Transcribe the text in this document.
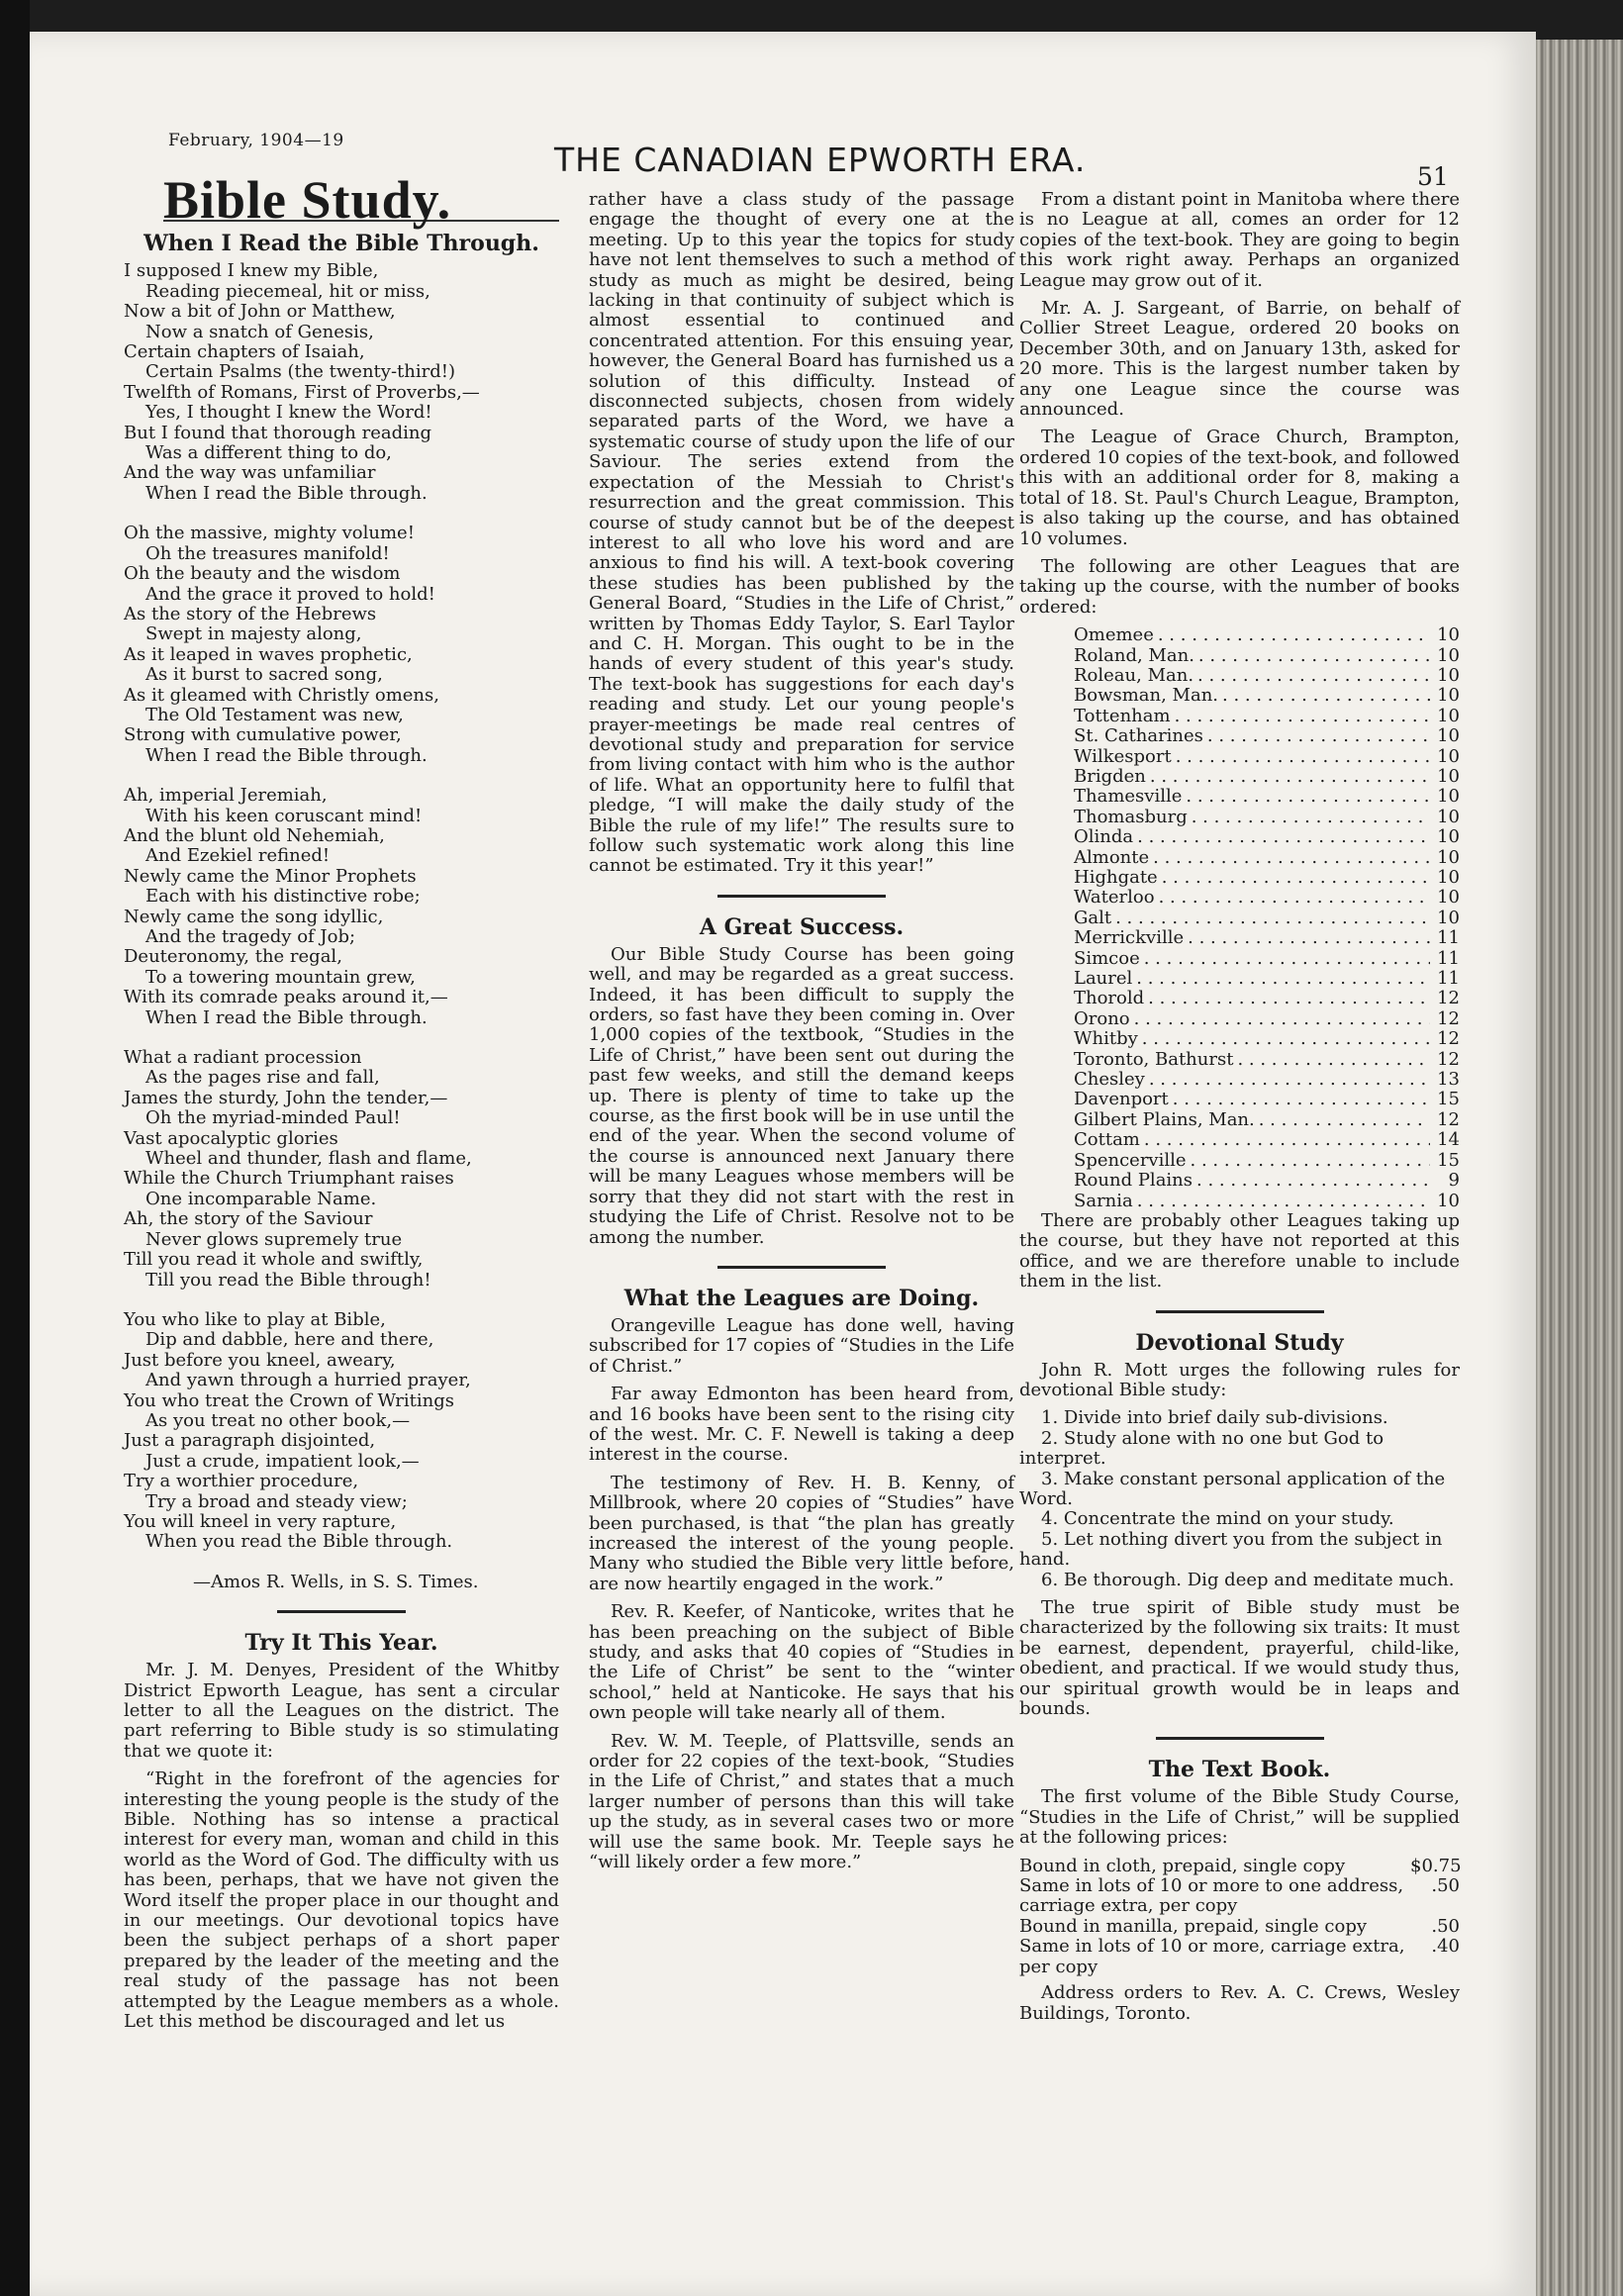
February, 1904—19	THE CANADIAN EPWORTH ERA.	51
Bible Study.
When I Read the Bible Through.
I supposed I knew my Bible,
Reading piecemeal, hit or miss,
Now a bit of John or Matthew,
Now a snatch of Genesis,
Certain chapters of Isaiah,
Certain Psalms (the twenty-third!)
Twelfth of Romans, First of Proverbs,—
Yes, I thought I knew the Word!
But I found that thorough reading
Was a different thing to do,
And the way was unfamiliar
When I read the Bible through.
Oh the massive, mighty volume!
Oh the treasures manifold!
Oh the beauty and the wisdom
And the grace it proved to hold!
As the story of the Hebrews
Swept in majesty along,
As it leaped in waves prophetic,
As it burst to sacred song,
As it gleamed with Christly omens,
The Old Testament was new,
Strong with cumulative power,
When I read the Bible through.
Ah, imperial Jeremiah,
With his keen coruscant mind!
And the blunt old Nehemiah,
And Ezekiel refined!
Newly came the Minor Prophets
Each with his distinctive robe;
Newly came the song idyllic,
And the tragedy of Job;
Deuteronomy, the regal,
To a towering mountain grew,
With its comrade peaks around it,—
When I read the Bible through.
What a radiant procession
As the pages rise and fall,
James the sturdy, John the tender,—
Oh the myriad-minded Paul!
Vast apocalyptic glories
Wheel and thunder, flash and flame,
While the Church Triumphant raises
One incomparable Name.
Ah, the story of the Saviour
Never glows supremely true
Till you read it whole and swiftly,
Till you read the Bible through!
You who like to play at Bible,
Dip and dabble, here and there,
Just before you kneel, aweary,
And yawn through a hurried prayer,
You who treat the Crown of Writings
As you treat no other book,—
Just a paragraph disjointed,
Just a crude, impatient look,—
Try a worthier procedure,
Try a broad and steady view;
You will kneel in very rapture,
When you read the Bible through.
—Amos R. Wells, in S. S. Times.
Try It This Year.
Mr. J. M. Denyes, President of the Whitby District Epworth League, has sent a circular letter to all the Leagues on the district. The part referring to Bible study is so stimulating that we quote it:
“Right in the forefront of the agencies for interesting the young people is the study of the Bible. Nothing has so intense a practical interest for every man, woman and child in this world as the Word of God. The difficulty with us has been, perhaps, that we have not given the Word itself the proper place in our thought and in our meetings. Our devotional topics have been the subject perhaps of a short paper prepared by the leader of the meeting and the real study of the passage has not been attempted by the League members as a whole. Let this method be discouraged and let us
rather have a class study of the passage engage the thought of every one at the meeting. Up to this year the topics for study have not lent themselves to such a method of study as much as might be desired, being lacking in that continuity of subject which is almost essential to continued and concentrated attention. For this ensuing year, however, the General Board has furnished us a solution of this difficulty. Instead of disconnected subjects, chosen from widely separated parts of the Word, we have a systematic course of study upon the life of our Saviour. The series extend from the expectation of the Messiah to Christ's resurrection and the great commission. This course of study cannot but be of the deepest interest to all who love his word and are anxious to find his will. A text-book covering these studies has been published by the General Board, “Studies in the Life of Christ,” written by Thomas Eddy Taylor, S. Earl Taylor and C. H. Morgan. This ought to be in the hands of every student of this year's study. The text-book has suggestions for each day's reading and study. Let our young people's prayer-meetings be made real centres of devotional study and preparation for service from living contact with him who is the author of life. What an opportunity here to fulfil that pledge, “I will make the daily study of the Bible the rule of my life!” The results sure to follow such systematic work along this line cannot be estimated. Try it this year!”
A Great Success.
Our Bible Study Course has been going well, and may be regarded as a great success. Indeed, it has been difficult to supply the orders, so fast have they been coming in. Over 1,000 copies of the textbook, “Studies in the Life of Christ,” have been sent out during the past few weeks, and still the demand keeps up. There is plenty of time to take up the course, as the first book will be in use until the end of the year. When the second volume of the course is announced next January there will be many Leagues whose members will be sorry that they did not start with the rest in studying the Life of Christ. Resolve not to be among the number.
What the Leagues are Doing.
Orangeville League has done well, having subscribed for 17 copies of “Studies in the Life of Christ.”
Far away Edmonton has been heard from, and 16 books have been sent to the rising city of the west. Mr. C. F. Newell is taking a deep interest in the course.
The testimony of Rev. H. B. Kenny, of Millbrook, where 20 copies of “Studies” have been purchased, is that “the plan has greatly increased the interest of the young people. Many who studied the Bible very little before, are now heartily engaged in the work.”
Rev. R. Keefer, of Nanticoke, writes that he has been preaching on the subject of Bible study, and asks that 40 copies of “Studies in the Life of Christ” be sent to the “winter school,” held at Nanticoke. He says that his own people will take nearly all of them.
Rev. W. M. Teeple, of Plattsville, sends an order for 22 copies of the text-book, “Studies in the Life of Christ,” and states that a much larger number of persons than this will take up the study, as in several cases two or more will use the same book. Mr. Teeple says he “will likely order a few more.”
From a distant point in Manitoba where there is no League at all, comes an order for 12 copies of the text-book. They are going to begin this work right away. Perhaps an organized League may grow out of it.
Mr. A. J. Sargeant, of Barrie, on behalf of Collier Street League, ordered 20 books on December 30th, and on January 13th, asked for 20 more. This is the largest number taken by any one League since the course was announced.
The League of Grace Church, Brampton, ordered 10 copies of the text-book, and followed this with an additional order for 8, making a total of 18. St. Paul's Church League, Brampton, is also taking up the course, and has obtained 10 volumes.
The following are other Leagues that are taking up the course, with the number of books ordered:
Omemee . . .	10
Roland, Man. . . .	10
Roleau, Man. . . .	10
Bowsman, Man. . . .	10
Tottenham . . .	10
St. Catharines . . .	10
Wilkesport . . .	10
Brigden . . .	10
Thamesville . . .	10
Thomasburg . . .	10
Olinda . . .	10
Almonte . . .	10
Highgate . . .	10
Waterloo . . .	10
Galt . . .	10
Merrickville . . .	11
Simcoe . . .	11
Laurel . . .	11
Thorold . . .	12
Orono . . .	12
Whitby . . .	12
Toronto, Bathurst . . .	12
Chesley . . .	13
Davenport . . .	15
Gilbert Plains, Man. . . .	12
Cottam . . .	14
Spencerville . . .	15
Round Plains . . .	9
Sarnia . . .	10
There are probably other Leagues taking up the course, but they have not reported at this office, and we are therefore unable to include them in the list.
Devotional Study
John R. Mott urges the following rules for devotional Bible study:
1. Divide into brief daily sub-divisions.
2. Study alone with no one but God to interpret.
3. Make constant personal application of the Word.
4. Concentrate the mind on your study.
5. Let nothing divert you from the subject in hand.
6. Be thorough. Dig deep and meditate much.
The true spirit of Bible study must be characterized by the following six traits: It must be earnest, dependent, prayerful, child-like, obedient, and practical. If we would study thus, our spiritual growth would be in leaps and bounds.
The Text Book.
The first volume of the Bible Study Course, “Studies in the Life of Christ,” will be supplied at the following prices:
Bound in cloth, prepaid, single copy	$0.75
Same in lots of 10 or more to one address, carriage extra, per copy
.50
Bound in manilla, prepaid, single copy	.50
Same in lots of 10 or more, carriage extra, per copy
.40
Address orders to Rev. A. C. Crews, Wesley Buildings, Toronto.
